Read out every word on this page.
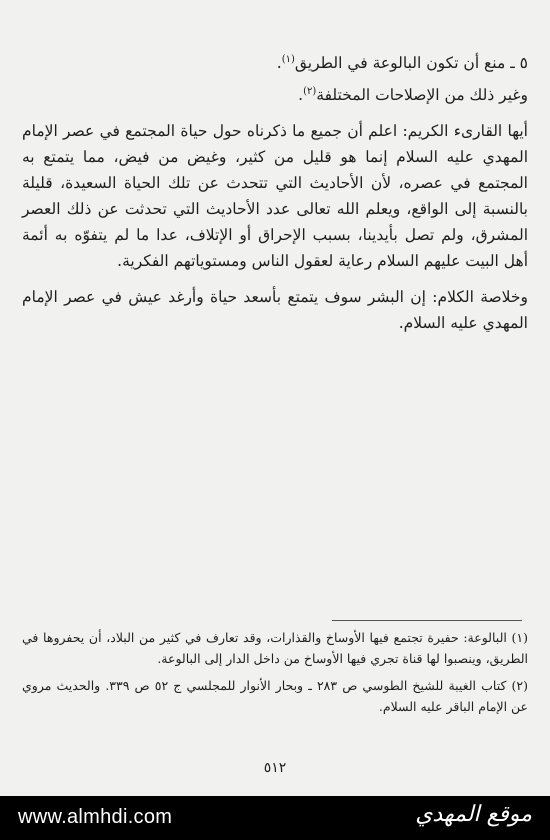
٥ ـ منع أن تكون البالوعة في الطريق$^{(١)}$.

وغير ذلك من الإصلاحات المختلفة$^{(٢)}$.

أيها القارىء الكريم: اعلم أن جميع ما ذكرناه حول حياة المجتمع في عصر الإمام المهدي عليه السلام إنما هو قليل من كثير، وغيض من فيض، مما يتمتع به المجتمع في عصره، لأن الأحاديث التي تتحدث عن تلك الحياة السعيدة، قليلة بالنسبة إلى الواقع، ويعلم الله تعالى عدد الأحاديث التي تحدثت عن ذلك العصر المشرق، ولم تصل بأيدينا، بسبب الإحراق أو الإتلاف، عدا ما لم يتفوّه به أئمة أهل البيت عليهم السلام رعاية لعقول الناس ومستوياتهم الفكرية.

وخلاصة الكلام: إن البشر سوف يتمتع بأسعد حياة وأرغد عيش في عصر الإمام المهدي عليه السلام.

(١) البالوعة: حفيرة تجتمع فيها الأوساخ والقذارات، وقد تعارف في كثير من البلاد، أن يحفروها في الطريق، وينصبوا لها قناة تجري فيها الأوساخ من داخل الدار إلى البالوعة.

(٢) كتاب الغيبة للشيخ الطوسي ص ٢٨٣ ـ وبحار الأنوار للمجلسي ج ٥٢ ص ٣٣٩. والحديث مروي عن الإمام الباقر عليه السلام.

٥١٢
www.almhdi.com	موقع المهدي
